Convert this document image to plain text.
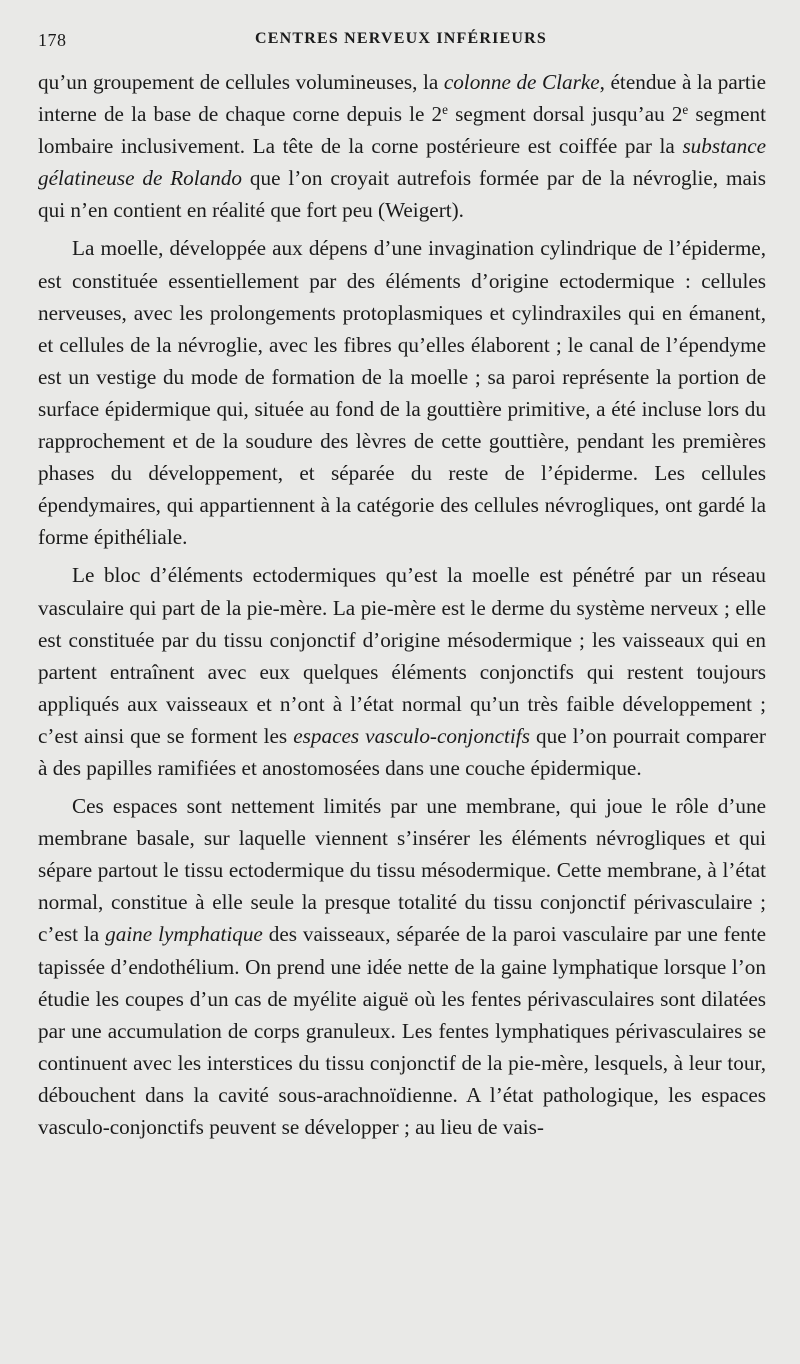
178	CENTRES NERVEUX INFÉRIEURS

qu’un groupement de cellules volumineuses, la colonne de Clarke, étendue à la partie interne de la base de chaque corne depuis le 2e segment dorsal jusqu’au 2e segment lombaire inclusivement. La tête de la corne postérieure est coiffée par la substance gélatineuse de Rolando que l’on croyait autrefois formée par de la névroglie, mais qui n’en contient en réalité que fort peu (Weigert).

La moelle, développée aux dépens d’une invagination cylindrique de l’épiderme, est constituée essentiellement par des éléments d’origine ectodermique : cellules nerveuses, avec les prolongements protoplasmiques et cylindraxiles qui en émanent, et cellules de la névroglie, avec les fibres qu’elles élaborent ; le canal de l’épendyme est un vestige du mode de formation de la moelle ; sa paroi représente la portion de surface épidermique qui, située au fond de la gouttière primitive, a été incluse lors du rapprochement et de la soudure des lèvres de cette gouttière, pendant les premières phases du développement, et séparée du reste de l’épiderme. Les cellules épendymaires, qui appartiennent à la catégorie des cellules névrogliques, ont gardé la forme épithéliale.

Le bloc d’éléments ectodermiques qu’est la moelle est pénétré par un réseau vasculaire qui part de la pie-mère. La pie-mère est le derme du système nerveux ; elle est constituée par du tissu conjonctif d’origine mésodermique ; les vaisseaux qui en partent entraînent avec eux quelques éléments conjonctifs qui restent toujours appliqués aux vaisseaux et n’ont à l’état normal qu’un très faible développement ; c’est ainsi que se forment les espaces vasculo-conjonctifs que l’on pourrait comparer à des papilles ramifiées et anostomosées dans une couche épidermique.

Ces espaces sont nettement limités par une membrane, qui joue le rôle d’une membrane basale, sur laquelle viennent s’insérer les éléments névrogliques et qui sépare partout le tissu ectodermique du tissu mésodermique. Cette membrane, à l’état normal, constitue à elle seule la presque totalité du tissu conjonctif périvasculaire ; c’est la gaine lymphatique des vaisseaux, séparée de la paroi vasculaire par une fente tapissée d’endothélium. On prend une idée nette de la gaine lymphatique lorsque l’on étudie les coupes d’un cas de myélite aiguë où les fentes périvasculaires sont dilatées par une accumulation de corps granuleux. Les fentes lymphatiques périvasculaires se continuent avec les interstices du tissu conjonctif de la pie-mère, lesquels, à leur tour, débouchent dans la cavité sous-arachnoïdienne. A l’état pathologique, les espaces vasculo-conjonctifs peuvent se développer ; au lieu de vais-
